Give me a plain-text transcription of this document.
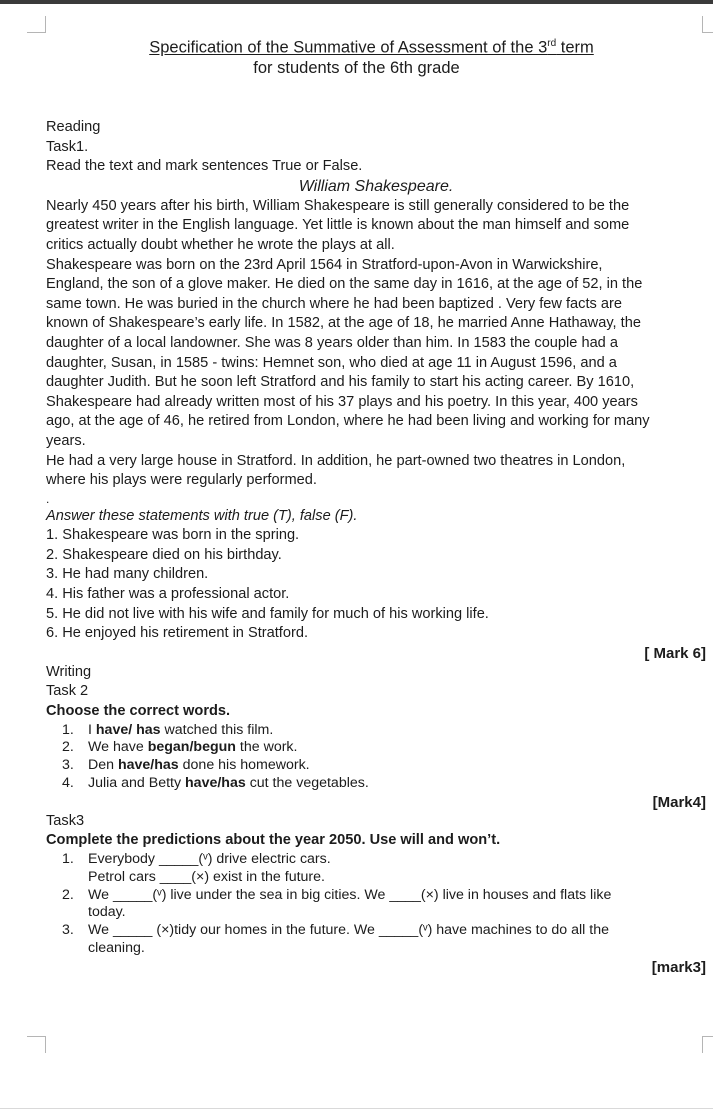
Specification of the Summative of Assessment of the 3rd term
for students of the 6th grade

Reading

Task1.

Read the text and mark sentences True or False.

William Shakespeare.

Nearly 450 years after his birth, William Shakespeare is still generally considered to be the

greatest writer in the English language. Yet little is known about the man himself and some

critics actually doubt whether he wrote the plays at all.

Shakespeare was born on the 23rd April 1564 in Stratford-upon-Avon in Warwickshire,

England, the son of a glove maker. He died on the same day in 1616, at the age of 52, in the

same town. He was buried in the church where he had been baptized . Very few facts are

known of Shakespeare’s early life. In 1582, at the age of 18, he married Anne Hathaway, the

daughter of a local landowner. She was 8 years older than him. In 1583 the couple had a

daughter, Susan, in 1585 - twins: Hemnet son, who died at age 11 in August 1596, and a

daughter Judith. But he soon left Stratford and his family to start his acting career. By 1610,

Shakespeare had already written most of his 37 plays and his poetry. In this year, 400 years

ago, at the age of 46, he retired from London, where he had been living and working for many

years.

He had a very large house in Stratford. In addition, he part-owned two theatres in London,

where his plays were regularly performed.

.

Answer these statements with true (T), false (F).

1. Shakespeare was born in the spring.

2. Shakespeare died on his birthday.

3. He had many children.

4. His father was a professional actor.

5. He did not live with his wife and family for much of his working life.

6. He enjoyed his retirement in Stratford.

[ Mark 6]

Writing

Task 2

Choose the correct words.

1. I have/ has watched this film.
2. We have began/begun the work.
3. Den have/has done his homework.
4. Julia and Betty have/has cut the vegetables.

[Mark4]

Task3

Complete the predictions about the year 2050. Use will and won’t.

1. Everybody _____(ᵛ) drive electric cars.
Petrol cars ____(×) exist in the future.
2. We _____(ᵛ) live under the sea in big cities. We ____(×) live in houses and flats like
today.
3. We _____ (×)tidy our homes in the future. We _____(ᵛ) have machines to do all the
cleaning.

[mark3]
